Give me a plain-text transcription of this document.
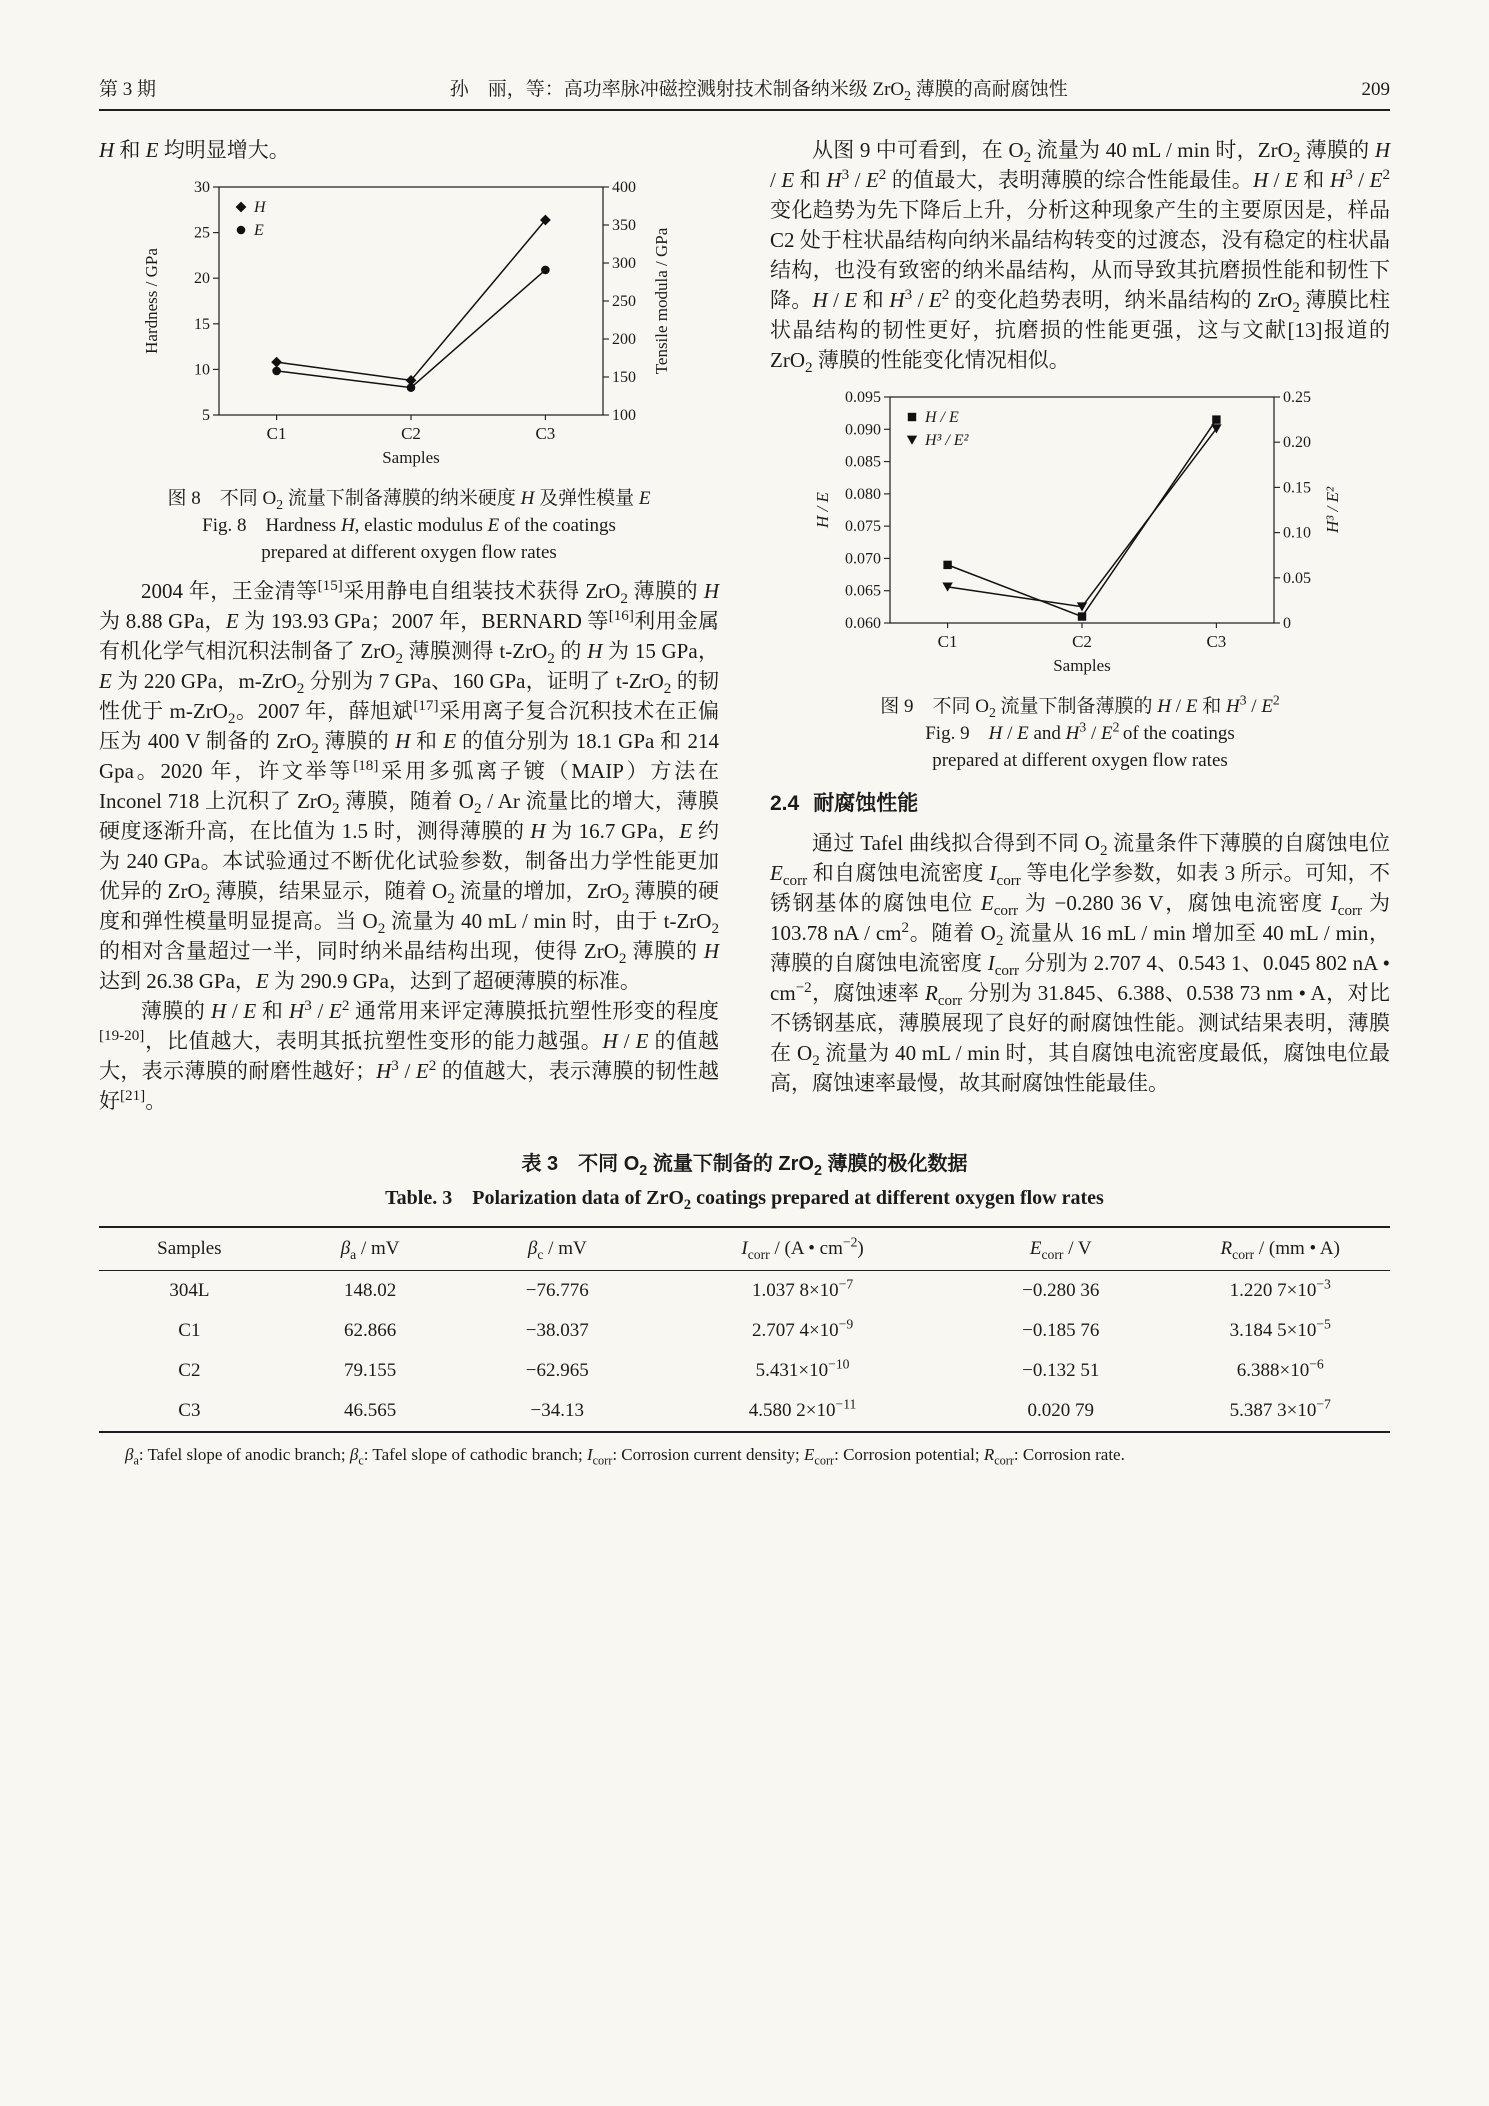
第 3 期	孙　丽，等：高功率脉冲磁控溅射技术制备纳米级 ZrO$_2$ 薄膜的高耐腐蚀性	209

H 和 E 均明显增大。

5
10
15
20
25
30
100
150
200
250
300
350
400
C1	C2	C3
Samples
Hardness / GPa	Tensile modula / GPa
H
E
图 8　不同 $O_2$ 流量下制备薄膜的纳米硬度 H 及弹性模量 E
Fig. 8　Hardness H, elastic modulus E of the coatings
prepared at different oxygen flow rates

2004 年，王金清等[15]采用静电自组装技术获得 ZrO$_2$ 薄膜的 H 为 8.88 GPa，E 为 193.93 GPa；2007 年，BERNARD 等[16]利用金属有机化学气相沉积法制备了 ZrO$_2$ 薄膜测得 t-ZrO$_2$ 的 H 为 15 GPa，E 为 220 GPa，m-ZrO$_2$ 分别为 7 GPa、160 GPa，证明了 t-ZrO$_2$ 的韧性优于 m-ZrO$_2$。2007 年，薛旭斌[17]采用离子复合沉积技术在正偏压为 400 V 制备的 ZrO$_2$ 薄膜的 H 和 E 的值分别为 18.1 GPa 和 214 Gpa。2020 年，许文举等[18]采用多弧离子镀（MAIP）方法在 Inconel 718 上沉积了 ZrO$_2$ 薄膜，随着 $O_2$ / Ar 流量比的增大，薄膜硬度逐渐升高，在比值为 1.5 时，测得薄膜的 H 为 16.7 GPa，E 约为 240 GPa。本试验通过不断优化试验参数，制备出力学性能更加优异的 ZrO$_2$ 薄膜，结果显示，随着 $O_2$ 流量的增加，ZrO$_2$ 薄膜的硬度和弹性模量明显提高。当 $O_2$ 流量为 40 mL / min 时，由于 t-ZrO$_2$ 的相对含量超过一半，同时纳米晶结构出现，使得 ZrO$_2$ 薄膜的 H 达到 26.38 GPa，E 为 290.9 GPa，达到了超硬薄膜的标准。

薄膜的 H / E 和 $H^3 / E^2$ 通常用来评定薄膜抵抗塑性形变的程度[19-20]，比值越大，表明其抵抗塑性变形的能力越强。H / E 的值越大，表示薄膜的耐磨性越好；$H^3 / E^2$ 的值越大，表示薄膜的韧性越好[21]。

从图 9 中可看到，在 $O_2$ 流量为 40 mL / min 时，ZrO$_2$ 薄膜的 H / E 和 $H^3 / E^2$ 的值最大，表明薄膜的综合性能最佳。H / E 和 $H^3 / E^2$ 变化趋势为先下降后上升，分析这种现象产生的主要原因是，样品 C2 处于柱状晶结构向纳米晶结构转变的过渡态，没有稳定的柱状晶结构，也没有致密的纳米晶结构，从而导致其抗磨损性能和韧性下降。H / E 和 $H^3 / E^2$ 的变化趋势表明，纳米晶结构的 ZrO$_2$ 薄膜比柱状晶结构的韧性更好，抗磨损的性能更强，这与文献[13]报道的 ZrO$_2$ 薄膜的性能变化情况相似。

0.060
0.065
0.070
0.075
0.080
0.085
0.090
0.095
0
0.05
0.10
0.15
0.20
0.25
C1	C2	C3
Samples
H / E	H³ / E²
H / E
H³ / E²
图 9　不同 $O_2$ 流量下制备薄膜的 H / E 和 $H^3 / E^2$
Fig. 9　H / E and $H^3 / E^2$ of the coatings
prepared at different oxygen flow rates
2.4 耐腐蚀性能

通过 Tafel 曲线拟合得到不同 $O_2$ 流量条件下薄膜的自腐蚀电位 $E_{corr}$ 和自腐蚀电流密度 $I_{corr}$ 等电化学参数，如表 3 所示。可知，不锈钢基体的腐蚀电位 $E_{corr}$ 为 −0.280 36 V，腐蚀电流密度 $I_{corr}$ 为 103.78 nA / $cm^2$。随着 $O_2$ 流量从 16 mL / min 增加至 40 mL / min，薄膜的自腐蚀电流密度 $I_{corr}$ 分别为 2.707 4、0.543 1、0.045 802 nA • $cm^{-2}$，腐蚀速率 $R_{corr}$ 分别为 31.845、6.388、0.538 73 nm • A，对比不锈钢基底，薄膜展现了良好的耐腐蚀性能。测试结果表明，薄膜在 $O_2$ 流量为 40 mL / min 时，其自腐蚀电流密度最低，腐蚀电位最高，腐蚀速率最慢，故其耐腐蚀性能最佳。

表 3　不同 $O_2$ 流量下制备的 ZrO$_2$ 薄膜的极化数据
Table. 3　Polarization data of ZrO$_2$ coatings prepared at different oxygen flow rates
Samples	$\beta_a$ / mV	$\beta_c$ / mV	$I_{corr} / (A$ • $cm^{-2}$)	$E_{corr}$ / V	$R_{corr} / (mm$ • A)
304L	148.02	−76.776	1.037 $8\times 10^{-7}$	−0.280 36	1.220 $7\times 10^{-3}$
C1	62.866	−38.037	2.707 $4\times 10^{-9}$	−0.185 76	3.184 $5\times 10^{-5}$
C2	79.155	−62.965	$5.431\times 10^{-10}$	−0.132 51	$6.388\times 10^{-6}$
C3	46.565	−34.13	4.580 $2\times 10^{-11}$	0.020 79	5.387 $3\times 10^{-7}$
$\beta_a$: Tafel slope of anodic branch; $\beta_c$: Tafel slope of cathodic branch; $I_{corr}$: Corrosion current density; $E_{corr}$: Corrosion potential; $R_{corr}$: Corrosion rate.
